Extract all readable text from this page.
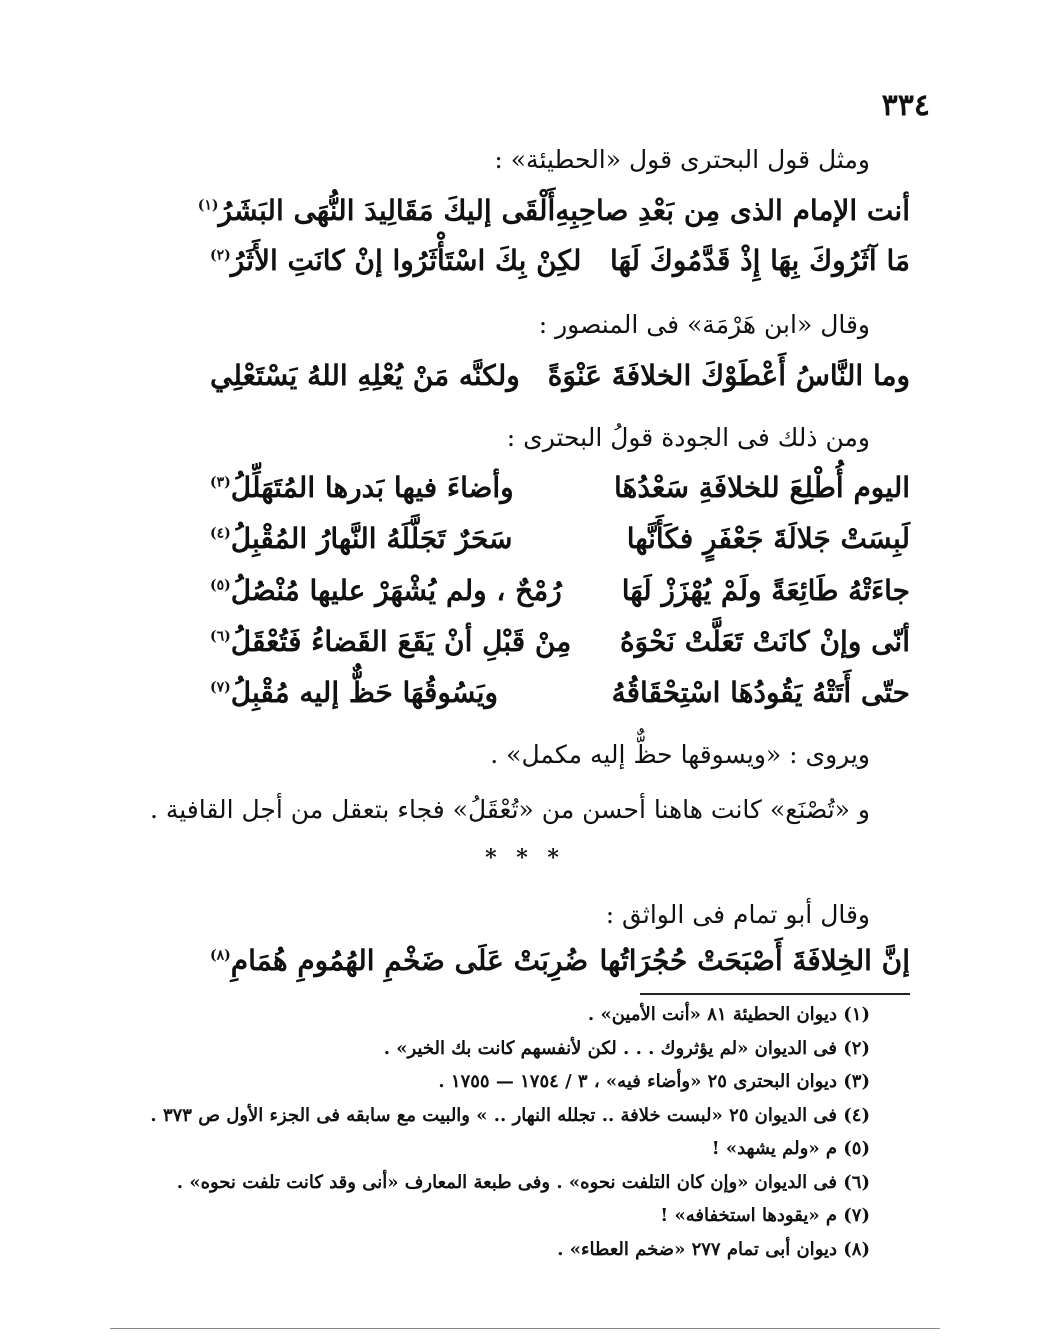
٣٣٤
ومثل قول البحترى قول «الحطيئة» :
أنت الإمام الذى مِن بَعْدِ صاحِبِهِ
أَلْقَى إليكَ مَقَالِيدَ النُّهَى البَشَرُ$^{(١)}$
مَا آثَرُوكَ بِهَا إِذْ قَدَّمُوكَ لَهَا
لكِنْ بِكَ اسْتَأْثَرُوا إنْ كانَتِ الأَثَرُ$^{(٢)}$
وقال «ابن هَرْمَة» فى المنصور :
وما النَّاسُ أَعْطَوْكَ الخلافَةَ عَنْوَةً
ولكنَّه مَنْ يُعْلِهِ اللهُ يَسْتَعْلِي
ومن ذلك فى الجودة قولُ البحترى :
اليوم أُطْلِعَ للخلافَةِ سَعْدُهَا
وأضاءَ فيها بَدرها المُتَهَلِّلُ$^{(٣)}$
لَبِسَتْ جَلالَةَ جَعْفَرٍ فكَأَنَّها
سَحَرٌ تَجَلَّلَهُ النَّهارُ المُقْبِلُ$^{(٤)}$
جاءَتْهُ طَائِعَةً ولَمْ يُهْزَزْ لَهَا
رُمْحٌ ، ولم يُشْهَرْ عليها مُنْصُلُ$^{(٥)}$
أنّى وإنْ كانَتْ تَعَلَّتْ نَحْوَهُ
مِنْ قَبْلِ أنْ يَقَعَ القَضاءُ فَتُعْقَلُ$^{(٦)}$
حتّى أَتَتْهُ يَقُودُهَا اسْتِحْقَاقُهُ
ويَسُوقُهَا حَظٌّ إليه مُقْبِلُ$^{(٧)}$
ويروى : «ويسوقها حظٌّ إليه مكمل» .
و «تُصْنَع» كانت هاهنا أحسن من «تُعْقَلُ» فجاء بتعقل من أجل القافية .
* * *
وقال أبو تمام فى الواثق :
إنَّ الخِلافَةَ أَصْبَحَتْ حُجُرَاتُها
ضُرِبَتْ عَلَى ضَخْمِ الهُمُومِ هُمَامِ$^{(٨)}$
(١) ديوان الحطيئة ٨١ «أنت الأمين» .
(٢) فى الديوان «لم يؤثروك . . . لكن لأنفسهم كانت بك الخير» .
(٣) ديوان البحترى ٢٥ «وأضاء فيه» ، ٣ / ١٧٥٤ — ١٧٥٥ .
(٤) فى الديوان ٢٥ «لبست خلافة .. تجلله النهار .. » والبيت مع سابقه فى الجزء الأول ص ٣٧٣ .
(٥) م «ولم يشهد» !
(٦) فى الديوان «وإن كان التلفت نحوه» . وفى طبعة المعارف «أنى وقد كانت تلفت نحوه» .
(٧) م «يقودها استخفافه» !
(٨) ديوان أبى تمام ٢٧٧ «ضخم العطاء» .
